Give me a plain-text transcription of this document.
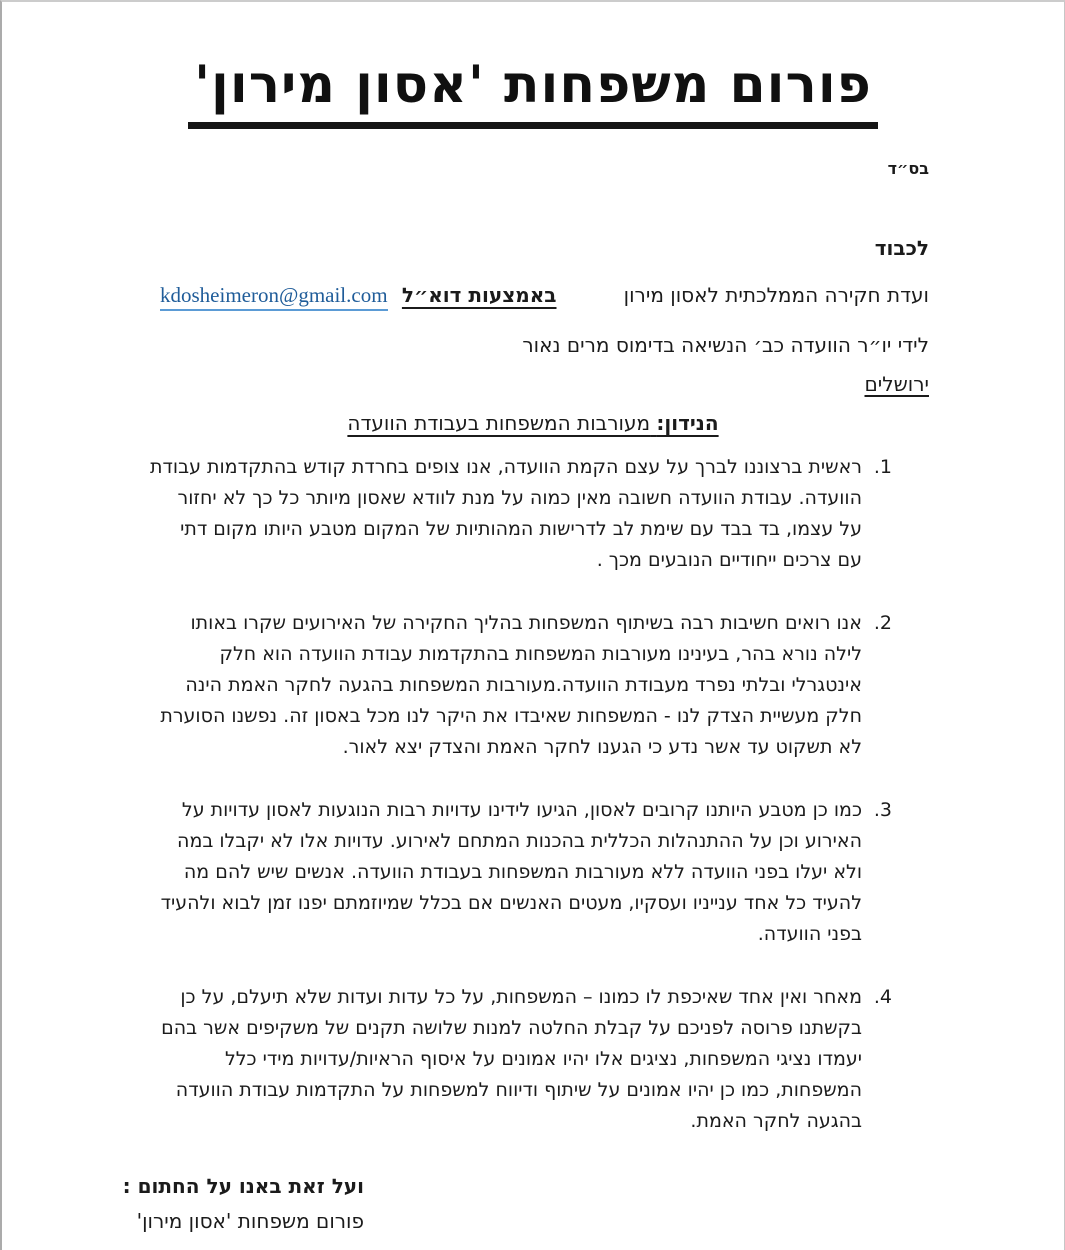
פורום משפחות 'אסון מירון'
בס״ד
לכבוד
ועדת חקירה הממלכתית לאסון מירון
באמצעות דוא״ל kdosheimeron@gmail.com
לידי יו״ר הוועדה כב׳ הנשיאה בדימוס מרים נאור
ירושלים
הנידון: מעורבות המשפחות בעבודת הוועדה
1.
ראשית ברצוננו לברך על עצם הקמת הוועדה, אנו צופים בחרדת קודש בהתקדמות עבודת הוועדה. עבודת הוועדה חשובה מאין כמוה על מנת לוודא שאסון מיותר כל כך לא יחזור על עצמו, בד בבד עם שימת לב לדרישות המהותיות של המקום מטבע היותו מקום דתי עם צרכים ייחודיים הנובעים מכך .
2.
אנו רואים חשיבות רבה בשיתוף המשפחות בהליך החקירה של האירועים שקרו באותו לילה נורא בהר, בעינינו מעורבות המשפחות בהתקדמות עבודת הוועדה הוא חלק אינטגרלי ובלתי נפרד מעבודת הוועדה.מעורבות המשפחות בהגעה לחקר האמת הינה חלק מעשיית הצדק לנו - המשפחות שאיבדו את היקר לנו מכל באסון זה. נפשנו הסוערת לא תשקוט עד אשר נדע כי הגענו לחקר האמת והצדק יצא לאור.
3.
כמו כן מטבע היותנו קרובים לאסון, הגיעו לידינו עדויות רבות הנוגעות לאסון עדויות על האירוע וכן על ההתנהלות הכללית בהכנות המתחם לאירוע. עדויות אלו לא יקבלו במה ולא יעלו בפני הוועדה ללא מעורבות המשפחות בעבודת הוועדה. אנשים שיש להם מה להעיד כל אחד ענייניו ועסקיו, מעטים האנשים אם בכלל שמיוזמתם יפנו זמן לבוא ולהעיד בפני הוועדה.
4.
מאחר ואין אחד שאיכפת לו כמונו – המשפחות, על כל עדות ועדות שלא תיעלם, על כן בקשתנו פרוסה לפניכם על קבלת החלטה למנות שלושה תקנים של משקיפים אשר בהם יעמדו נציגי המשפחות, נציגים אלו יהיו אמונים על איסוף הראיות/עדויות מידי כלל המשפחות, כמו כן יהיו אמונים על שיתוף ודיווח למשפחות על התקדמות עבודת הוועדה בהגעה לחקר האמת.
ועל זאת באנו על החתום :
פורום משפחות 'אסון מירון'
